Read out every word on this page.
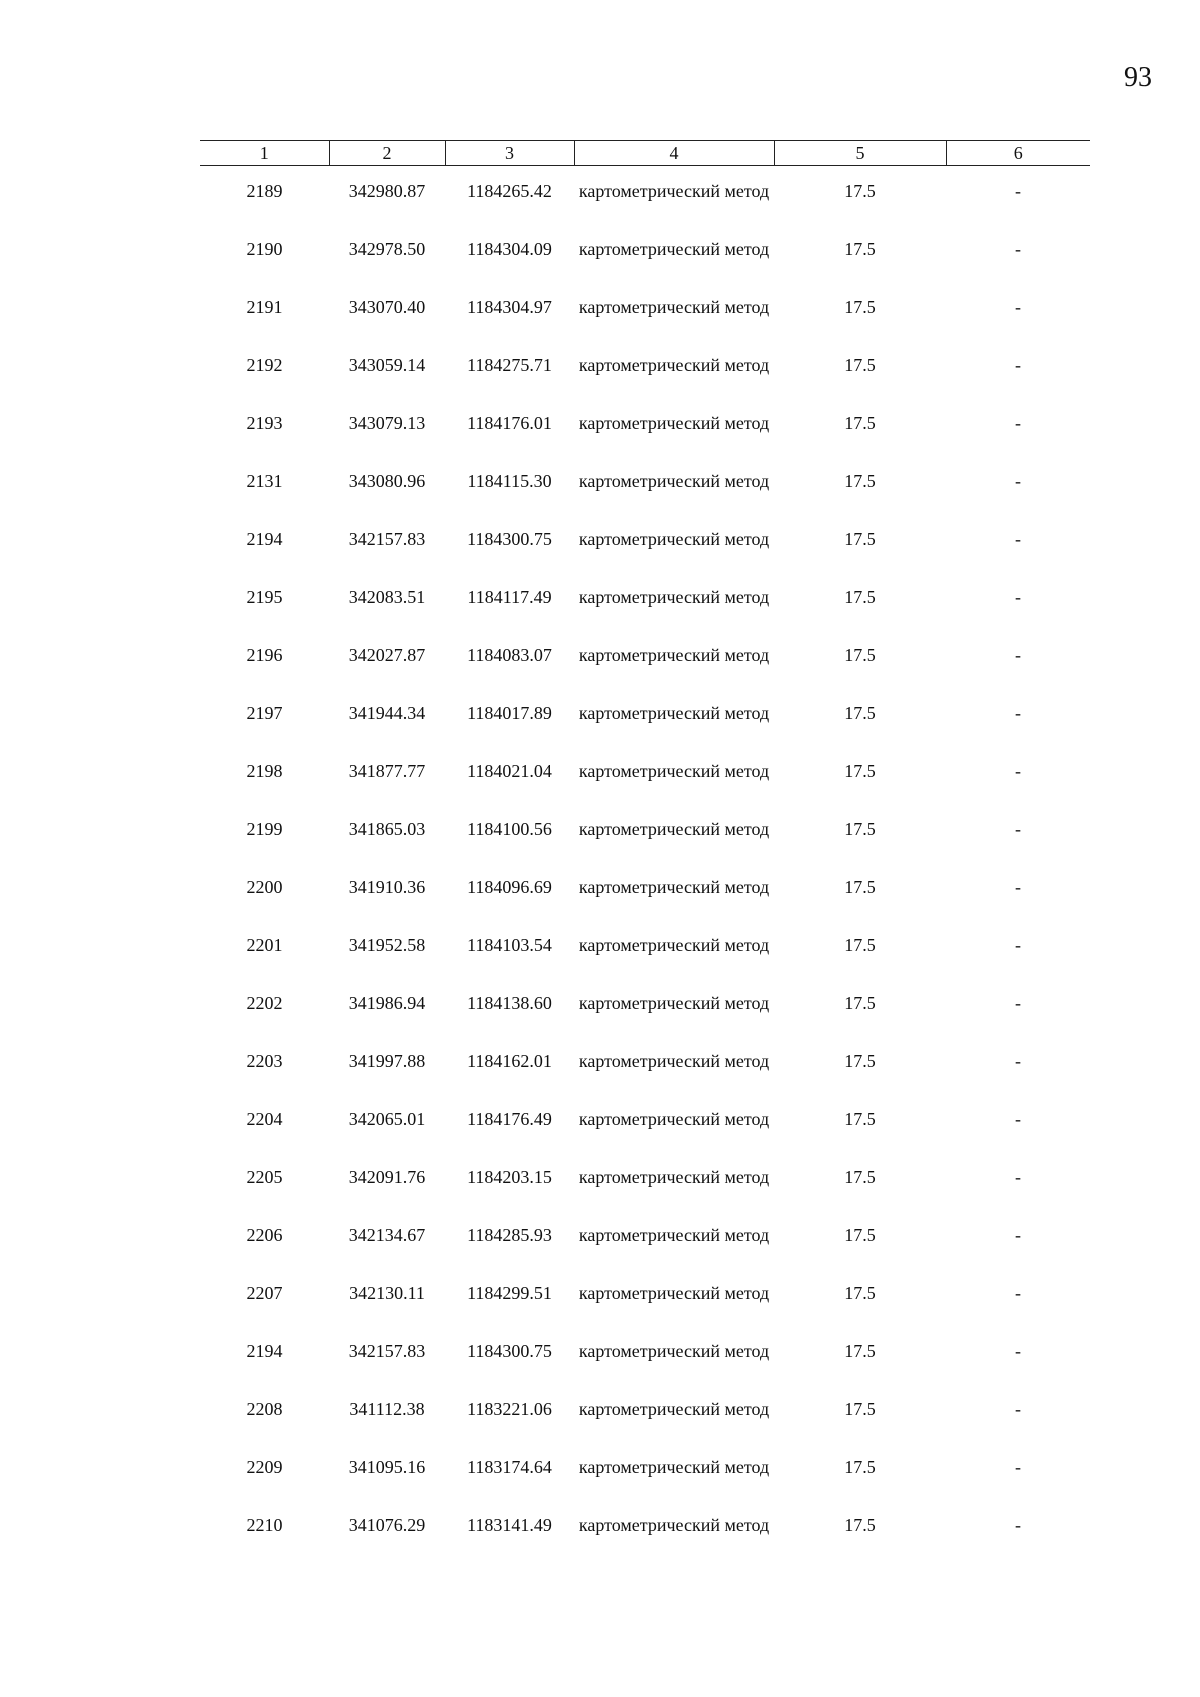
93
1	2	3	4	5	6

2189	342980.87	1184265.42	картометрический метод	17.5	-
2190	342978.50	1184304.09	картометрический метод	17.5	-
2191	343070.40	1184304.97	картометрический метод	17.5	-
2192	343059.14	1184275.71	картометрический метод	17.5	-
2193	343079.13	1184176.01	картометрический метод	17.5	-
2131	343080.96	1184115.30	картометрический метод	17.5	-
2194	342157.83	1184300.75	картометрический метод	17.5	-
2195	342083.51	1184117.49	картометрический метод	17.5	-
2196	342027.87	1184083.07	картометрический метод	17.5	-
2197	341944.34	1184017.89	картометрический метод	17.5	-
2198	341877.77	1184021.04	картометрический метод	17.5	-
2199	341865.03	1184100.56	картометрический метод	17.5	-
2200	341910.36	1184096.69	картометрический метод	17.5	-
2201	341952.58	1184103.54	картометрический метод	17.5	-
2202	341986.94	1184138.60	картометрический метод	17.5	-
2203	341997.88	1184162.01	картометрический метод	17.5	-
2204	342065.01	1184176.49	картометрический метод	17.5	-
2205	342091.76	1184203.15	картометрический метод	17.5	-
2206	342134.67	1184285.93	картометрический метод	17.5	-
2207	342130.11	1184299.51	картометрический метод	17.5	-
2194	342157.83	1184300.75	картометрический метод	17.5	-
2208	341112.38	1183221.06	картометрический метод	17.5	-
2209	341095.16	1183174.64	картометрический метод	17.5	-
2210	341076.29	1183141.49	картометрический метод	17.5	-
